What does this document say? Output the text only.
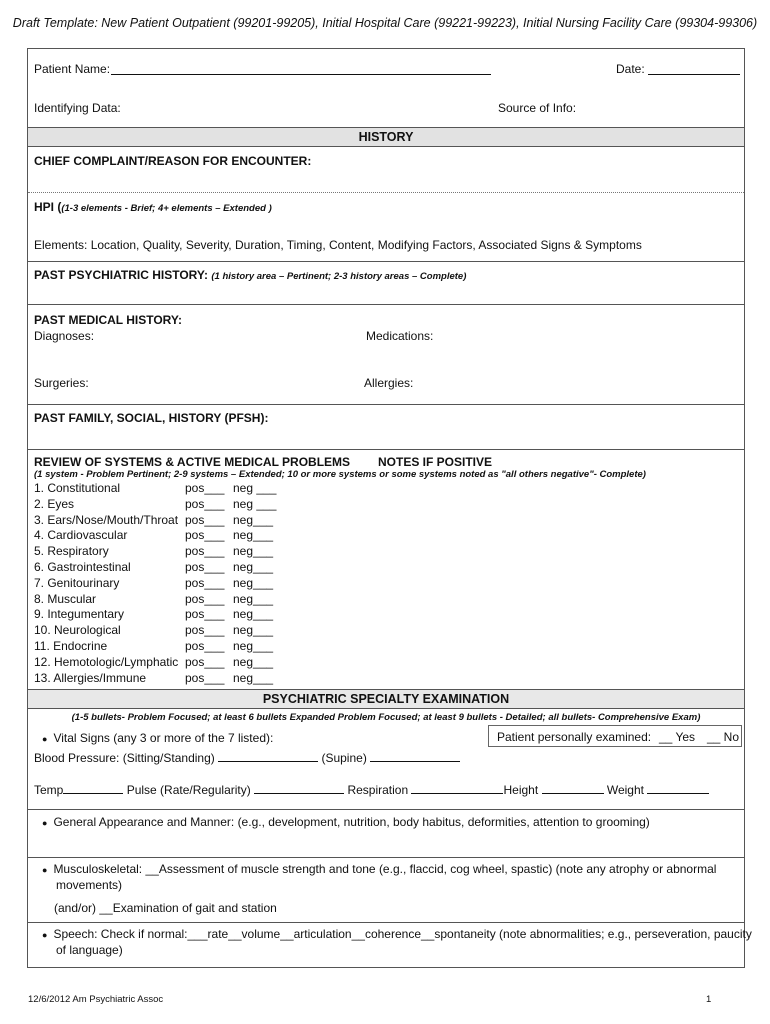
Draft Template: New Patient Outpatient (99201-99205), Initial Hospital Care (99221-99223), Initial Nursing Facility Care (99304-99306)
Patient Name:	Date:
Identifying Data:	Source of Info:
HISTORY
CHIEF COMPLAINT/REASON FOR ENCOUNTER:
HPI ((1-3 elements - Brief; 4+ elements – Extended )
Elements: Location, Quality, Severity, Duration, Timing, Content, Modifying Factors, Associated Signs & Symptoms
PAST PSYCHIATRIC HISTORY: (1 history area – Pertinent; 2-3 history areas – Complete)
PAST MEDICAL HISTORY:
Diagnoses:	Medications:
Surgeries:	Allergies:
PAST FAMILY, SOCIAL, HISTORY (PFSH):
REVIEW OF SYSTEMS & ACTIVE MEDICAL PROBLEMS NOTES IF POSITIVE
(1 system - Problem Pertinent; 2-9 systems – Extended; 10 or more systems or some systems noted as "all others negative"- Complete)
1. Constitutional	pos___ neg ___
2. Eyes	pos___ neg ___
3. Ears/Nose/Mouth/Throat pos___ neg___
4. Cardiovascular	pos___ neg___
5. Respiratory	pos___ neg___
6. Gastrointestinal	pos___ neg___
7. Genitourinary	pos___ neg___
8. Muscular	pos___ neg___
9. Integumentary	pos___ neg___
10. Neurological	pos___ neg___
11. Endocrine	pos___ neg___
12. Hemotologic/Lymphatic pos___ neg___
13. Allergies/Immune	pos___ neg___
PSYCHIATRIC SPECIALTY EXAMINATION
(1-5 bullets- Problem Focused; at least 6 bullets Expanded Problem Focused; at least 9 bullets - Detailed; all bullets- Comprehensive Exam)
● Vital Signs (any 3 or more of the 7 listed):	Patient personally examined: __ Yes __ No
Blood Pressure: (Sitting/Standing)	(Supine)
Temp	Pulse (Rate/Regularity)	Respiration	Height	Weight
● General Appearance and Manner: (e.g., development, nutrition, body habitus, deformities, attention to grooming)
● Musculoskeletal: __Assessment of muscle strength and tone (e.g., flaccid, cog wheel, spastic) (note any atrophy or abnormal
movements)
(and/or) __Examination of gait and station
● Speech: Check if normal:___rate__volume__articulation__coherence__spontaneity (note abnormalities; e.g., perseveration, paucity
of language)
12/6/2012 Am Psychiatric Assoc	1
